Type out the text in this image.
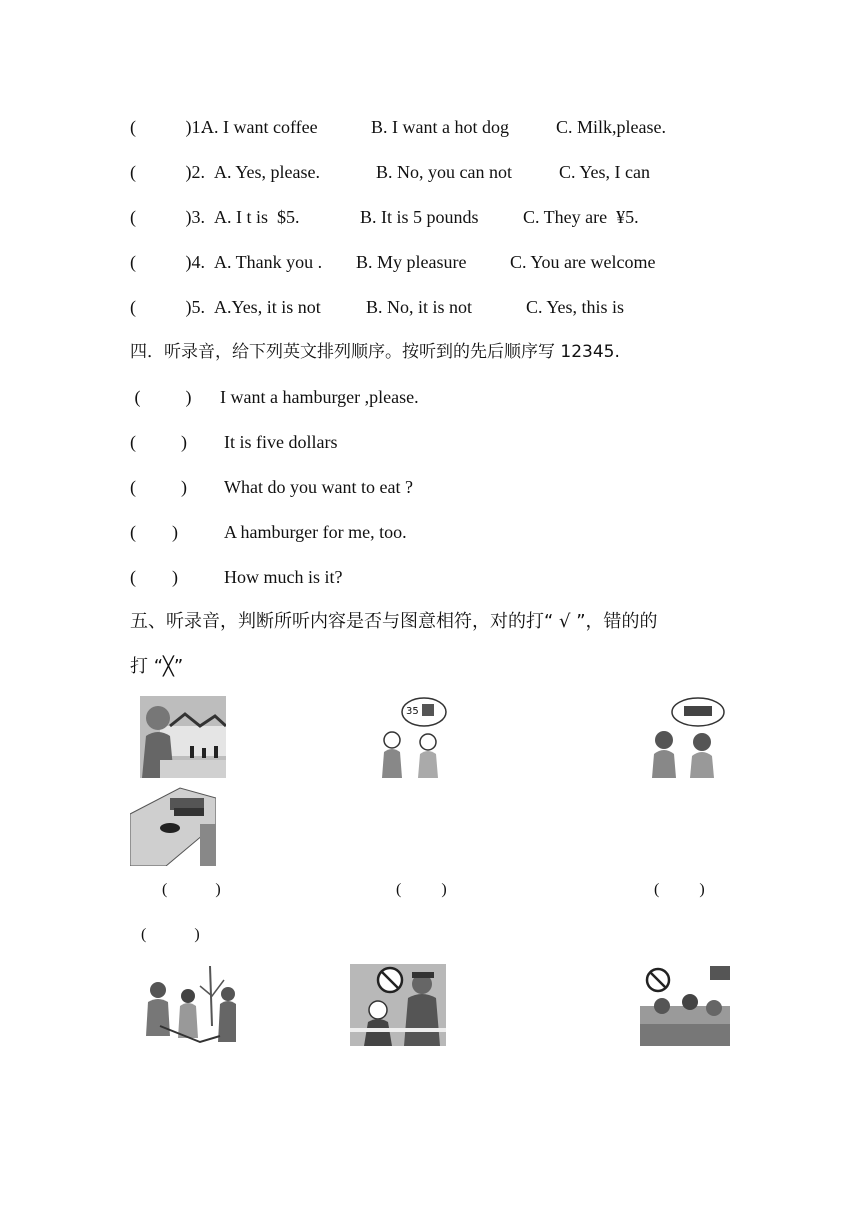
(           )1.
A. I want coffee	B. I want a hot dog	C. Milk,please.
(           )2. A. Yes, please.	B. No, you can not	C. Yes, I can
(           )3. A. I t is  $5.	B. It is 5 pounds C. They are  ¥5.
(           )4. A. Thank you . B. My pleasure C. You are welcome
(           )5. A.Yes, it is not	B. No, it is not	C. Yes, this is
四．听录音，给下列英文排列顺序。按听到的先后顺序写 12345.
(          ) I want a hamburger ,please.
(          ) It is five dollars
(          ) What do you want to eat ?
(        )	A hamburger for me, too.
(        )	How much is it?
五、听录音，判断所听内容是否与图意相符，对的打“ √ ”，错的的
打 “╳”
35
(            )	(          )	(          )
(            )
